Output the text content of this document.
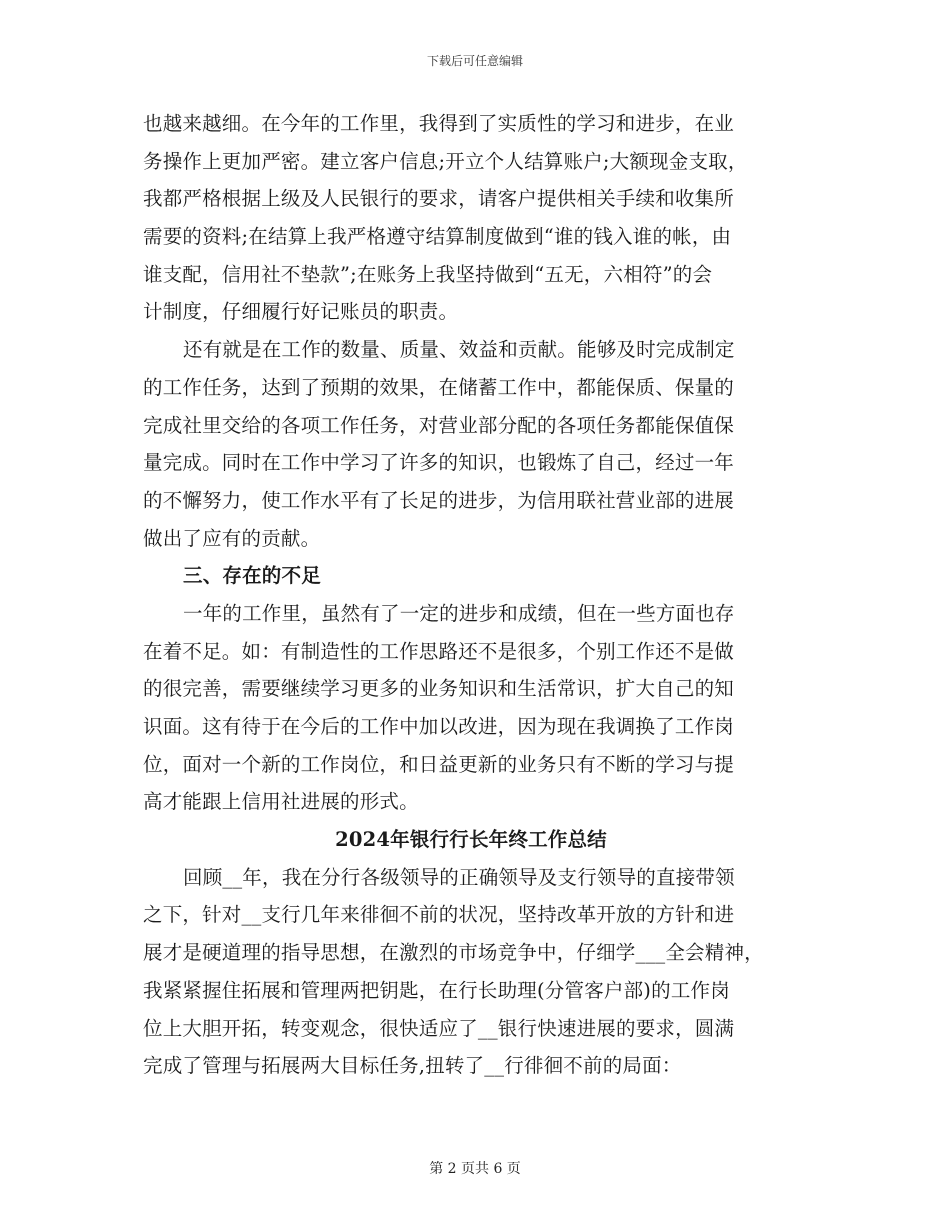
下载后可任意编辑
也越来越细。在今年的工作里，我得到了实质性的学习和进步，在业
务操作上更加严密。建立客户信息;开立个人结算账户;大额现金支取，
我都严格根据上级及人民银行的要求，请客户提供相关手续和收集所
需要的资料;在结算上我严格遵守结算制度做到“谁的钱入谁的帐，由
谁支配，信用社不垫款”;在账务上我坚持做到“五无，六相符”的会
计制度，仔细履行好记账员的职责。
还有就是在工作的数量、质量、效益和贡献。能够及时完成制定
的工作任务，达到了预期的效果，在储蓄工作中，都能保质、保量的
完成社里交给的各项工作任务，对营业部分配的各项任务都能保值保
量完成。同时在工作中学习了许多的知识，也锻炼了自己，经过一年
的不懈努力，使工作水平有了长足的进步，为信用联社营业部的进展
做出了应有的贡献。
三、存在的不足
一年的工作里，虽然有了一定的进步和成绩，但在一些方面也存
在着不足。如：有制造性的工作思路还不是很多，个别工作还不是做
的很完善，需要继续学习更多的业务知识和生活常识，扩大自己的知
识面。这有待于在今后的工作中加以改进，因为现在我调换了工作岗
位，面对一个新的工作岗位，和日益更新的业务只有不断的学习与提
高才能跟上信用社进展的形式。
2024年银行行长年终工作总结
回顾__年，我在分行各级领导的正确领导及支行领导的直接带领
之下，针对__支行几年来徘徊不前的状况，坚持改革开放的方针和进
展才是硬道理的指导思想，在激烈的市场竞争中，仔细学___全会精神，
我紧紧握住拓展和管理两把钥匙，在行长助理(分管客户部)的工作岗
位上大胆开拓，转变观念，很快适应了__银行快速进展的要求，圆满
完成了管理与拓展两大目标任务,扭转了__行徘徊不前的局面：
第 2 页共 6 页
